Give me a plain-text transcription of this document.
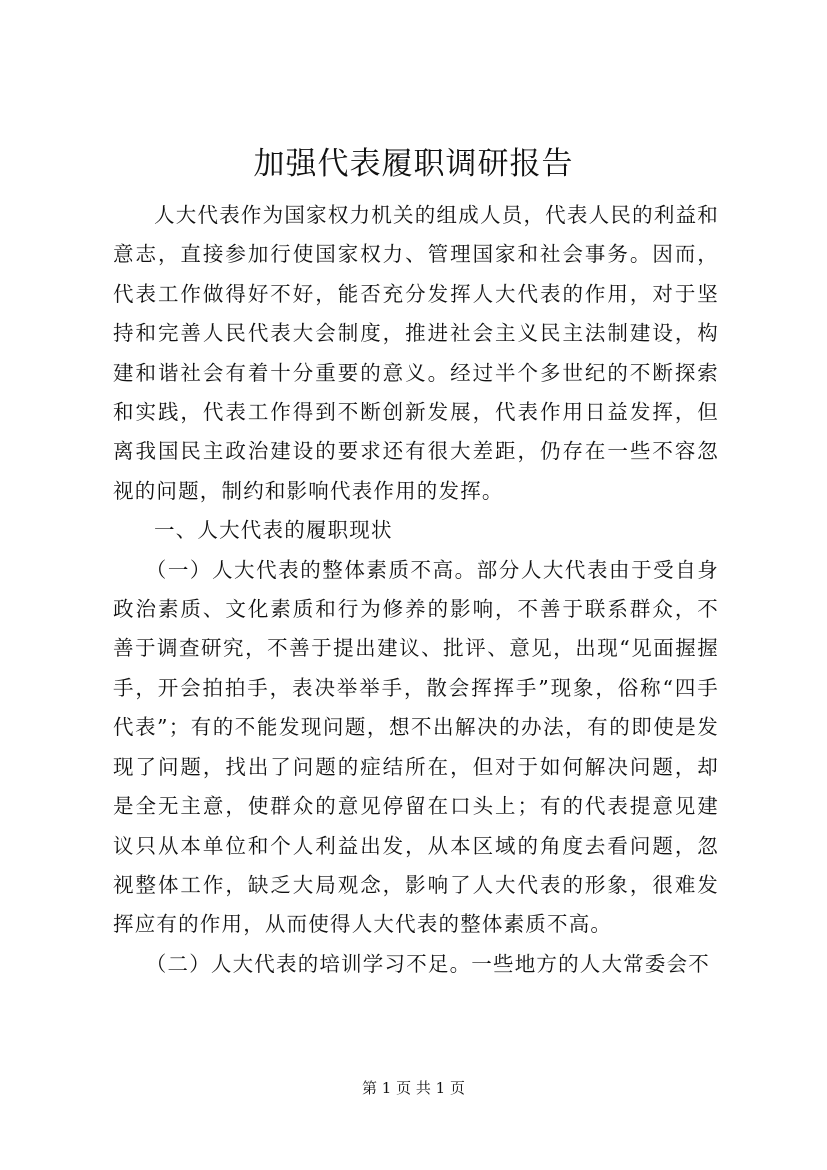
加强代表履职调研报告

人大代表作为国家权力机关的组成人员，代表人民的利益和意志，直接参加行使国家权力、管理国家和社会事务。因而，代表工作做得好不好，能否充分发挥人大代表的作用，对于坚持和完善人民代表大会制度，推进社会主义民主法制建设，构建和谐社会有着十分重要的意义。经过半个多世纪的不断探索和实践，代表工作得到不断创新发展，代表作用日益发挥，但离我国民主政治建设的要求还有很大差距，仍存在一些不容忽视的问题，制约和影响代表作用的发挥。

一、人大代表的履职现状

（一）人大代表的整体素质不高。部分人大代表由于受自身政治素质、文化素质和行为修养的影响，不善于联系群众，不善于调查研究，不善于提出建议、批评、意见，出现“见面握握手，开会拍拍手，表决举举手，散会挥挥手”现象，俗称“四手代表”；有的不能发现问题，想不出解决的办法，有的即使是发现了问题，找出了问题的症结所在，但对于如何解决问题，却是全无主意，使群众的意见停留在口头上；有的代表提意见建议只从本单位和个人利益出发，从本区域的角度去看问题，忽视整体工作，缺乏大局观念，影响了人大代表的形象，很难发挥应有的作用，从而使得人大代表的整体素质不高。

（二）人大代表的培训学习不足。一些地方的人大常委会不

第 1 页 共 1 页
